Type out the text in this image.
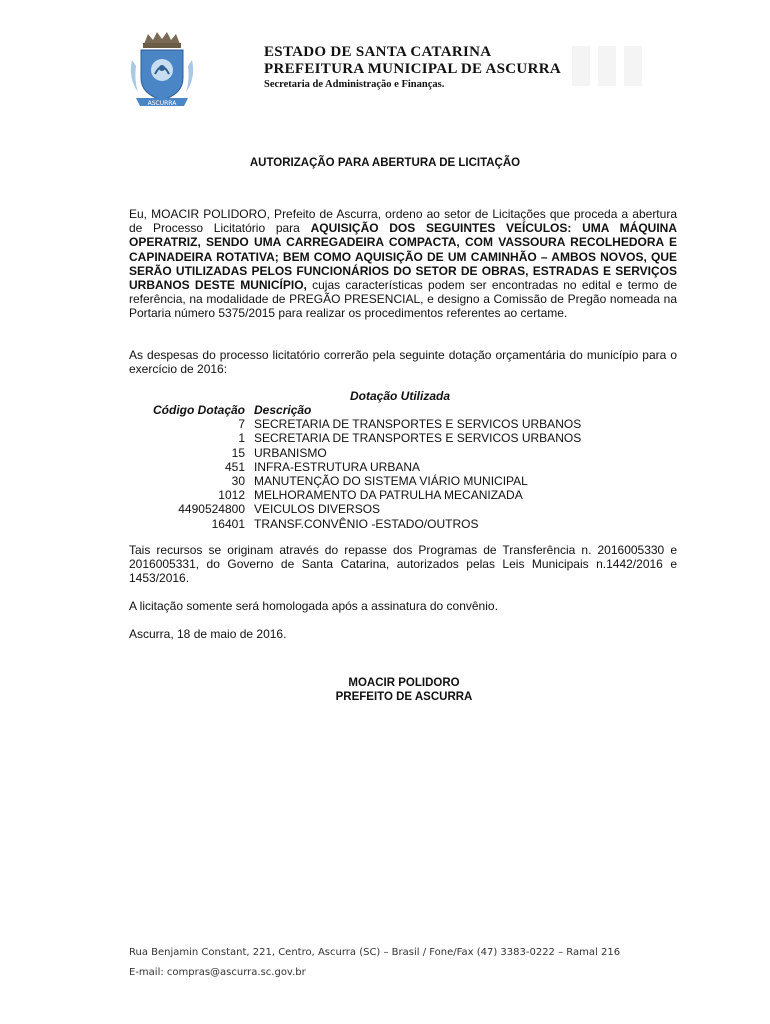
ASCURRA
ESTADO DE SANTA CATARINA
PREFEITURA MUNICIPAL DE ASCURRA
Secretaria de Administração e Finanças.
AUTORIZAÇÃO PARA ABERTURA DE LICITAÇÃO
Eu, MOACIR POLIDORO, Prefeito de Ascurra, ordeno ao setor de Licitações que proceda a abertura de Processo Licitatório para AQUISIÇÃO DOS SEGUINTES VEÍCULOS: UMA MÁQUINA OPERATRIZ, SENDO UMA CARREGADEIRA COMPACTA, COM VASSOURA RECOLHEDORA E CAPINADEIRA ROTATIVA; BEM COMO AQUISIÇÃO DE UM CAMINHÃO – AMBOS NOVOS, QUE SERÃO UTILIZADAS PELOS FUNCIONÁRIOS DO SETOR DE OBRAS, ESTRADAS E SERVIÇOS URBANOS DESTE MUNICÍPIO, cujas características podem ser encontradas no edital e termo de referência, na modalidade de PREGÃO PRESENCIAL, e designo a Comissão de Pregão nomeada na Portaria número 5375/2015 para realizar os procedimentos referentes ao certame.
As despesas do processo licitatório correrão pela seguinte dotação orçamentária do município para o exercício de 2016:
Dotação Utilizada
Código Dotação Descrição
7 SECRETARIA DE TRANSPORTES E SERVICOS URBANOS
1 SECRETARIA DE TRANSPORTES E SERVICOS URBANOS
15 URBANISMO
451 INFRA-ESTRUTURA URBANA
30 MANUTENÇÃO DO SISTEMA VIÁRIO MUNICIPAL
1012 MELHORAMENTO DA PATRULHA MECANIZADA
4490524800 VEICULOS DIVERSOS
16401 TRANSF.CONVÊNIO -ESTADO/OUTROS
Tais recursos se originam através do repasse dos Programas de Transferência n. 2016005330 e 2016005331, do Governo de Santa Catarina, autorizados pelas Leis Municipais n.1442/2016 e 1453/2016.
A licitação somente será homologada após a assinatura do convênio.
Ascurra, 18 de maio de 2016.
MOACIR POLIDORO
PREFEITO DE ASCURRA
Rua Benjamin Constant, 221, Centro, Ascurra (SC) – Brasil / Fone/Fax (47) 3383-0222 – Ramal 216
E-mail: compras@ascurra.sc.gov.br
